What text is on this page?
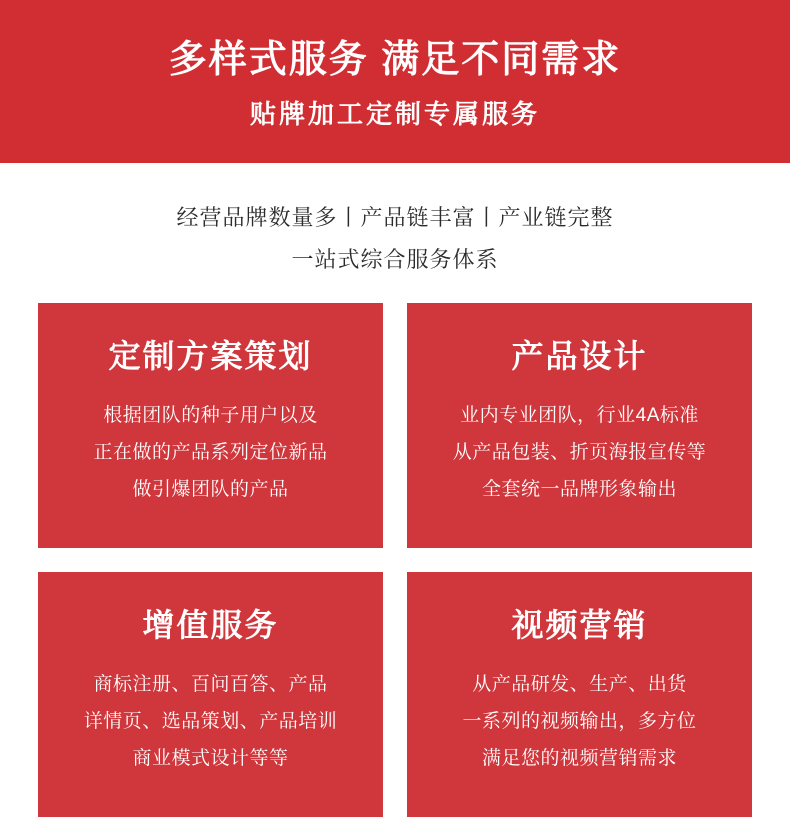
多样式服务 满足不同需求
贴牌加工定制专属服务
经营品牌数量多丨产品链丰富丨产业链完整
一站式综合服务体系
定制方案策划
根据团队的种子用户以及
正在做的产品系列定位新品
做引爆团队的产品
产品设计
业内专业团队，行业4A标准
从产品包装、折页海报宣传等
全套统一品牌形象输出
增值服务
商标注册、百问百答、产品
详情页、选品策划、产品培训
商业模式设计等等
视频营销
从产品研发、生产、出货
一系列的视频输出，多方位
满足您的视频营销需求
